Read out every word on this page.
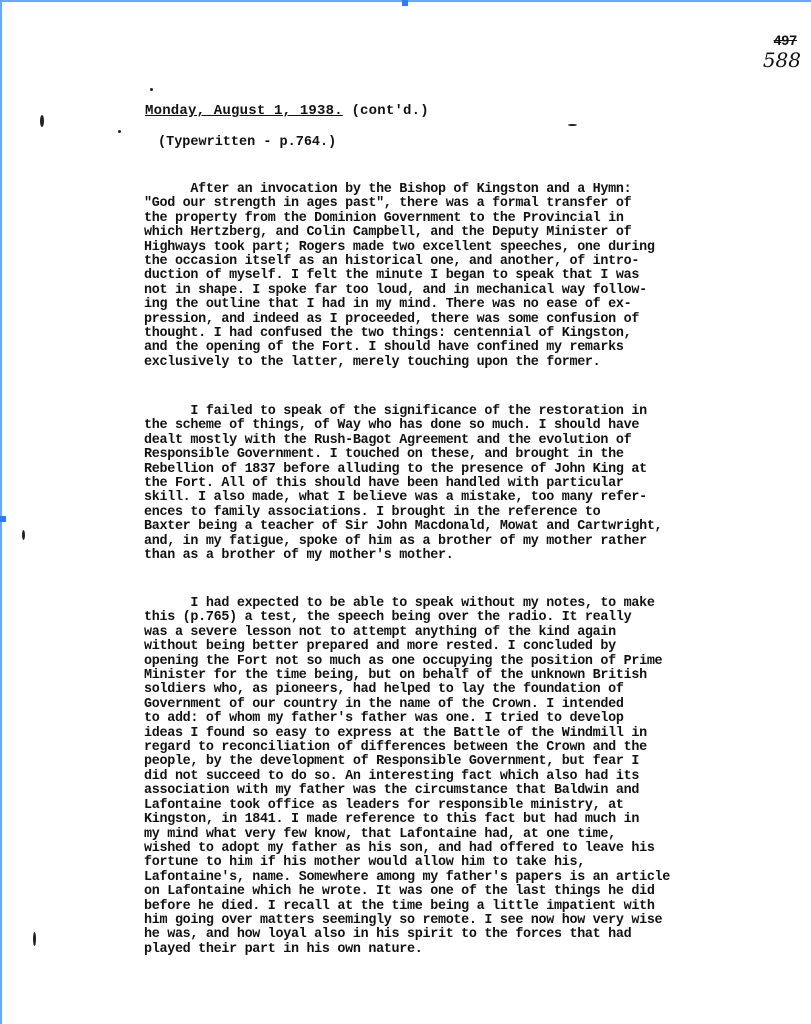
497
588
Monday, August 1, 1938. (cont'd.)
(Typewritten - p.764.)
After an invocation by the Bishop of Kingston and a Hymn:
"God our strength in ages past", there was a formal transfer of
the property from the Dominion Government to the Provincial in
which Hertzberg, and Colin Campbell, and the Deputy Minister of
Highways took part; Rogers made two excellent speeches, one during
the occasion itself as an historical one, and another, of intro-
duction of myself. I felt the minute I began to speak that I was
not in shape. I spoke far too loud, and in mechanical way follow-
ing the outline that I had in my mind. There was no ease of ex-
pression, and indeed as I proceeded, there was some confusion of
thought. I had confused the two things: centennial of Kingston,
and the opening of the Fort. I should have confined my remarks
exclusively to the latter, merely touching upon the former.
I failed to speak of the significance of the restoration in
the scheme of things, of Way who has done so much. I should have
dealt mostly with the Rush-Bagot Agreement and the evolution of
Responsible Government. I touched on these, and brought in the
Rebellion of 1837 before alluding to the presence of John King at
the Fort. All of this should have been handled with particular
skill. I also made, what I believe was a mistake, too many refer-
ences to family associations. I brought in the reference to
Baxter being a teacher of Sir John Macdonald, Mowat and Cartwright,
and, in my fatigue, spoke of him as a brother of my mother rather
than as a brother of my mother's mother.
I had expected to be able to speak without my notes, to make
this (p.765) a test, the speech being over the radio. It really
was a severe lesson not to attempt anything of the kind again
without being better prepared and more rested. I concluded by
opening the Fort not so much as one occupying the position of Prime
Minister for the time being, but on behalf of the unknown British
soldiers who, as pioneers, had helped to lay the foundation of
Government of our country in the name of the Crown. I intended
to add: of whom my father's father was one. I tried to develop
ideas I found so easy to express at the Battle of the Windmill in
regard to reconciliation of differences between the Crown and the
people, by the development of Responsible Government, but fear I
did not succeed to do so. An interesting fact which also had its
association with my father was the circumstance that Baldwin and
Lafontaine took office as leaders for responsible ministry, at
Kingston, in 1841. I made reference to this fact but had much in
my mind what very few know, that Lafontaine had, at one time,
wished to adopt my father as his son, and had offered to leave his
fortune to him if his mother would allow him to take his,
Lafontaine's, name. Somewhere among my father's papers is an article
on Lafontaine which he wrote. It was one of the last things he did
before he died. I recall at the time being a little impatient with
him going over matters seemingly so remote. I see now how very wise
he was, and how loyal also in his spirit to the forces that had
played their part in his own nature.
